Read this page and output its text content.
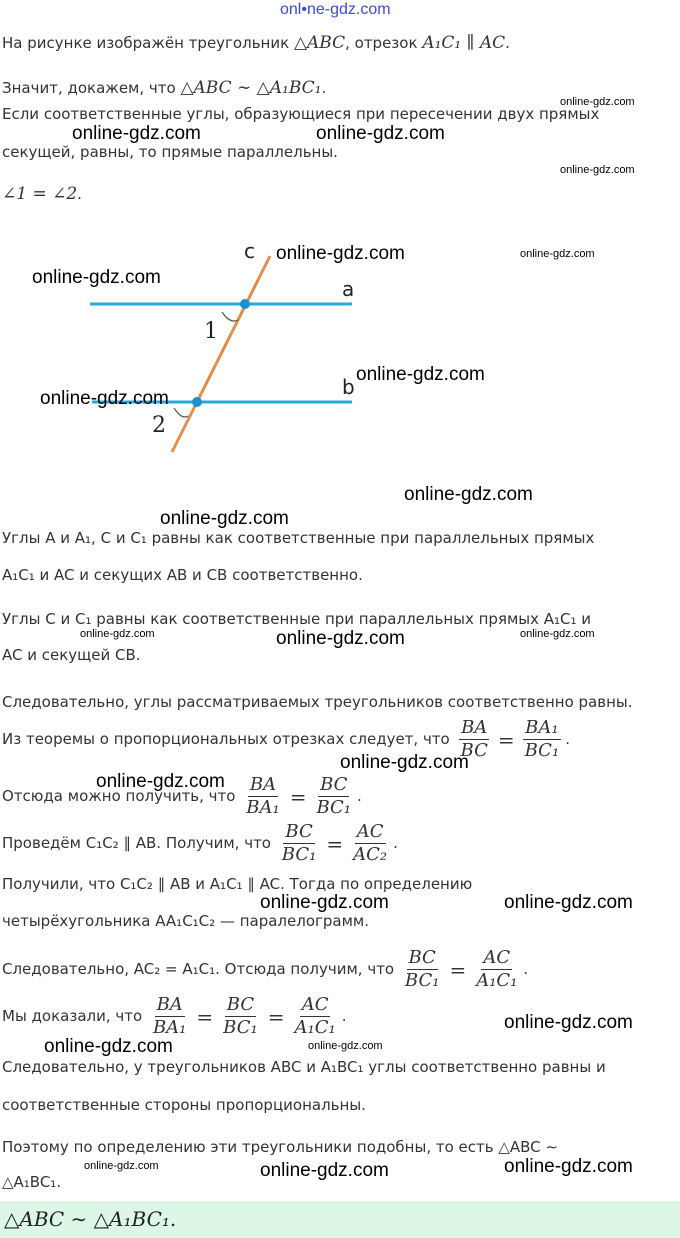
onl•ne-gdz.com
На рисунке изображён треугольник △ABC, отрезок A₁C₁ ∥ AC.
Значит, докажем, что △ABC ∼ △A₁BC₁.
Если соответственные углы, образующиеся при пересечении двух прямых
секущей, равны, то прямые параллельны.
∠1 = ∠2.
c
a
b
1
2
Углы A и A₁, C и C₁ равны как соответственные при параллельных прямых
A₁C₁ и AC и секущих AB и CB соответственно.
Углы C и C₁ равны как соответственные при параллельных прямых A₁C₁ и
AC и секущей CB.
Следовательно, углы рассматриваемых треугольников соответственно равны.
Из теоремы о пропорциональных отрезках следует, что $\frac{BA}{BC} = \frac{\text{BA₁}}{\text{BC₁}}$ .
Отсюда можно получить, что $\frac{BA}{\text{BA₁}} = \frac{BC}{\text{BC₁}}$ .
Проведём C₁C₂ ∥ AB. Получим, что $\frac{BC}{\text{BC₁}} = \frac{AC}{\text{AC₂}}$ .
Получили, что C₁C₂ ∥ AB и A₁C₁ ∥ AC. Тогда по определению
четырёхугольника AA₁C₁C₂ — паралелограмм.
Следовательно, AC₂ = A₁C₁. Отсюда получим, что $\frac{BC}{\text{BC₁}} = \frac{AC}{\text{A₁C₁}}$ .
Мы доказали, что $\frac{BA}{\text{BA₁}} = \frac{BC}{\text{BC₁}} = \frac{AC}{\text{A₁C₁}}$ .
Следовательно, у треугольников ABC и A₁BC₁ углы соответственно равны и
соответственные стороны пропорциональны.
Поэтому по определению эти треугольники подобны, то есть △ABC ∼
△A₁BC₁.
△ABC ∼ △A₁BC₁.
online-gdz.com	online-gdz.com
online-gdz.com
online-gdz.com
online-gdz.com	online-gdz.com
online-gdz.com
online-gdz.com
online-gdz.com
online-gdz.com
online-gdz.com
online-gdz.com	online-gdz.com	online-gdz.com
online-gdz.com
online-gdz.com
online-gdz.com	online-gdz.com
online-gdz.com
online-gdz.com	online-gdz.com
online-gdz.com	online-gdz.com	online-gdz.com
